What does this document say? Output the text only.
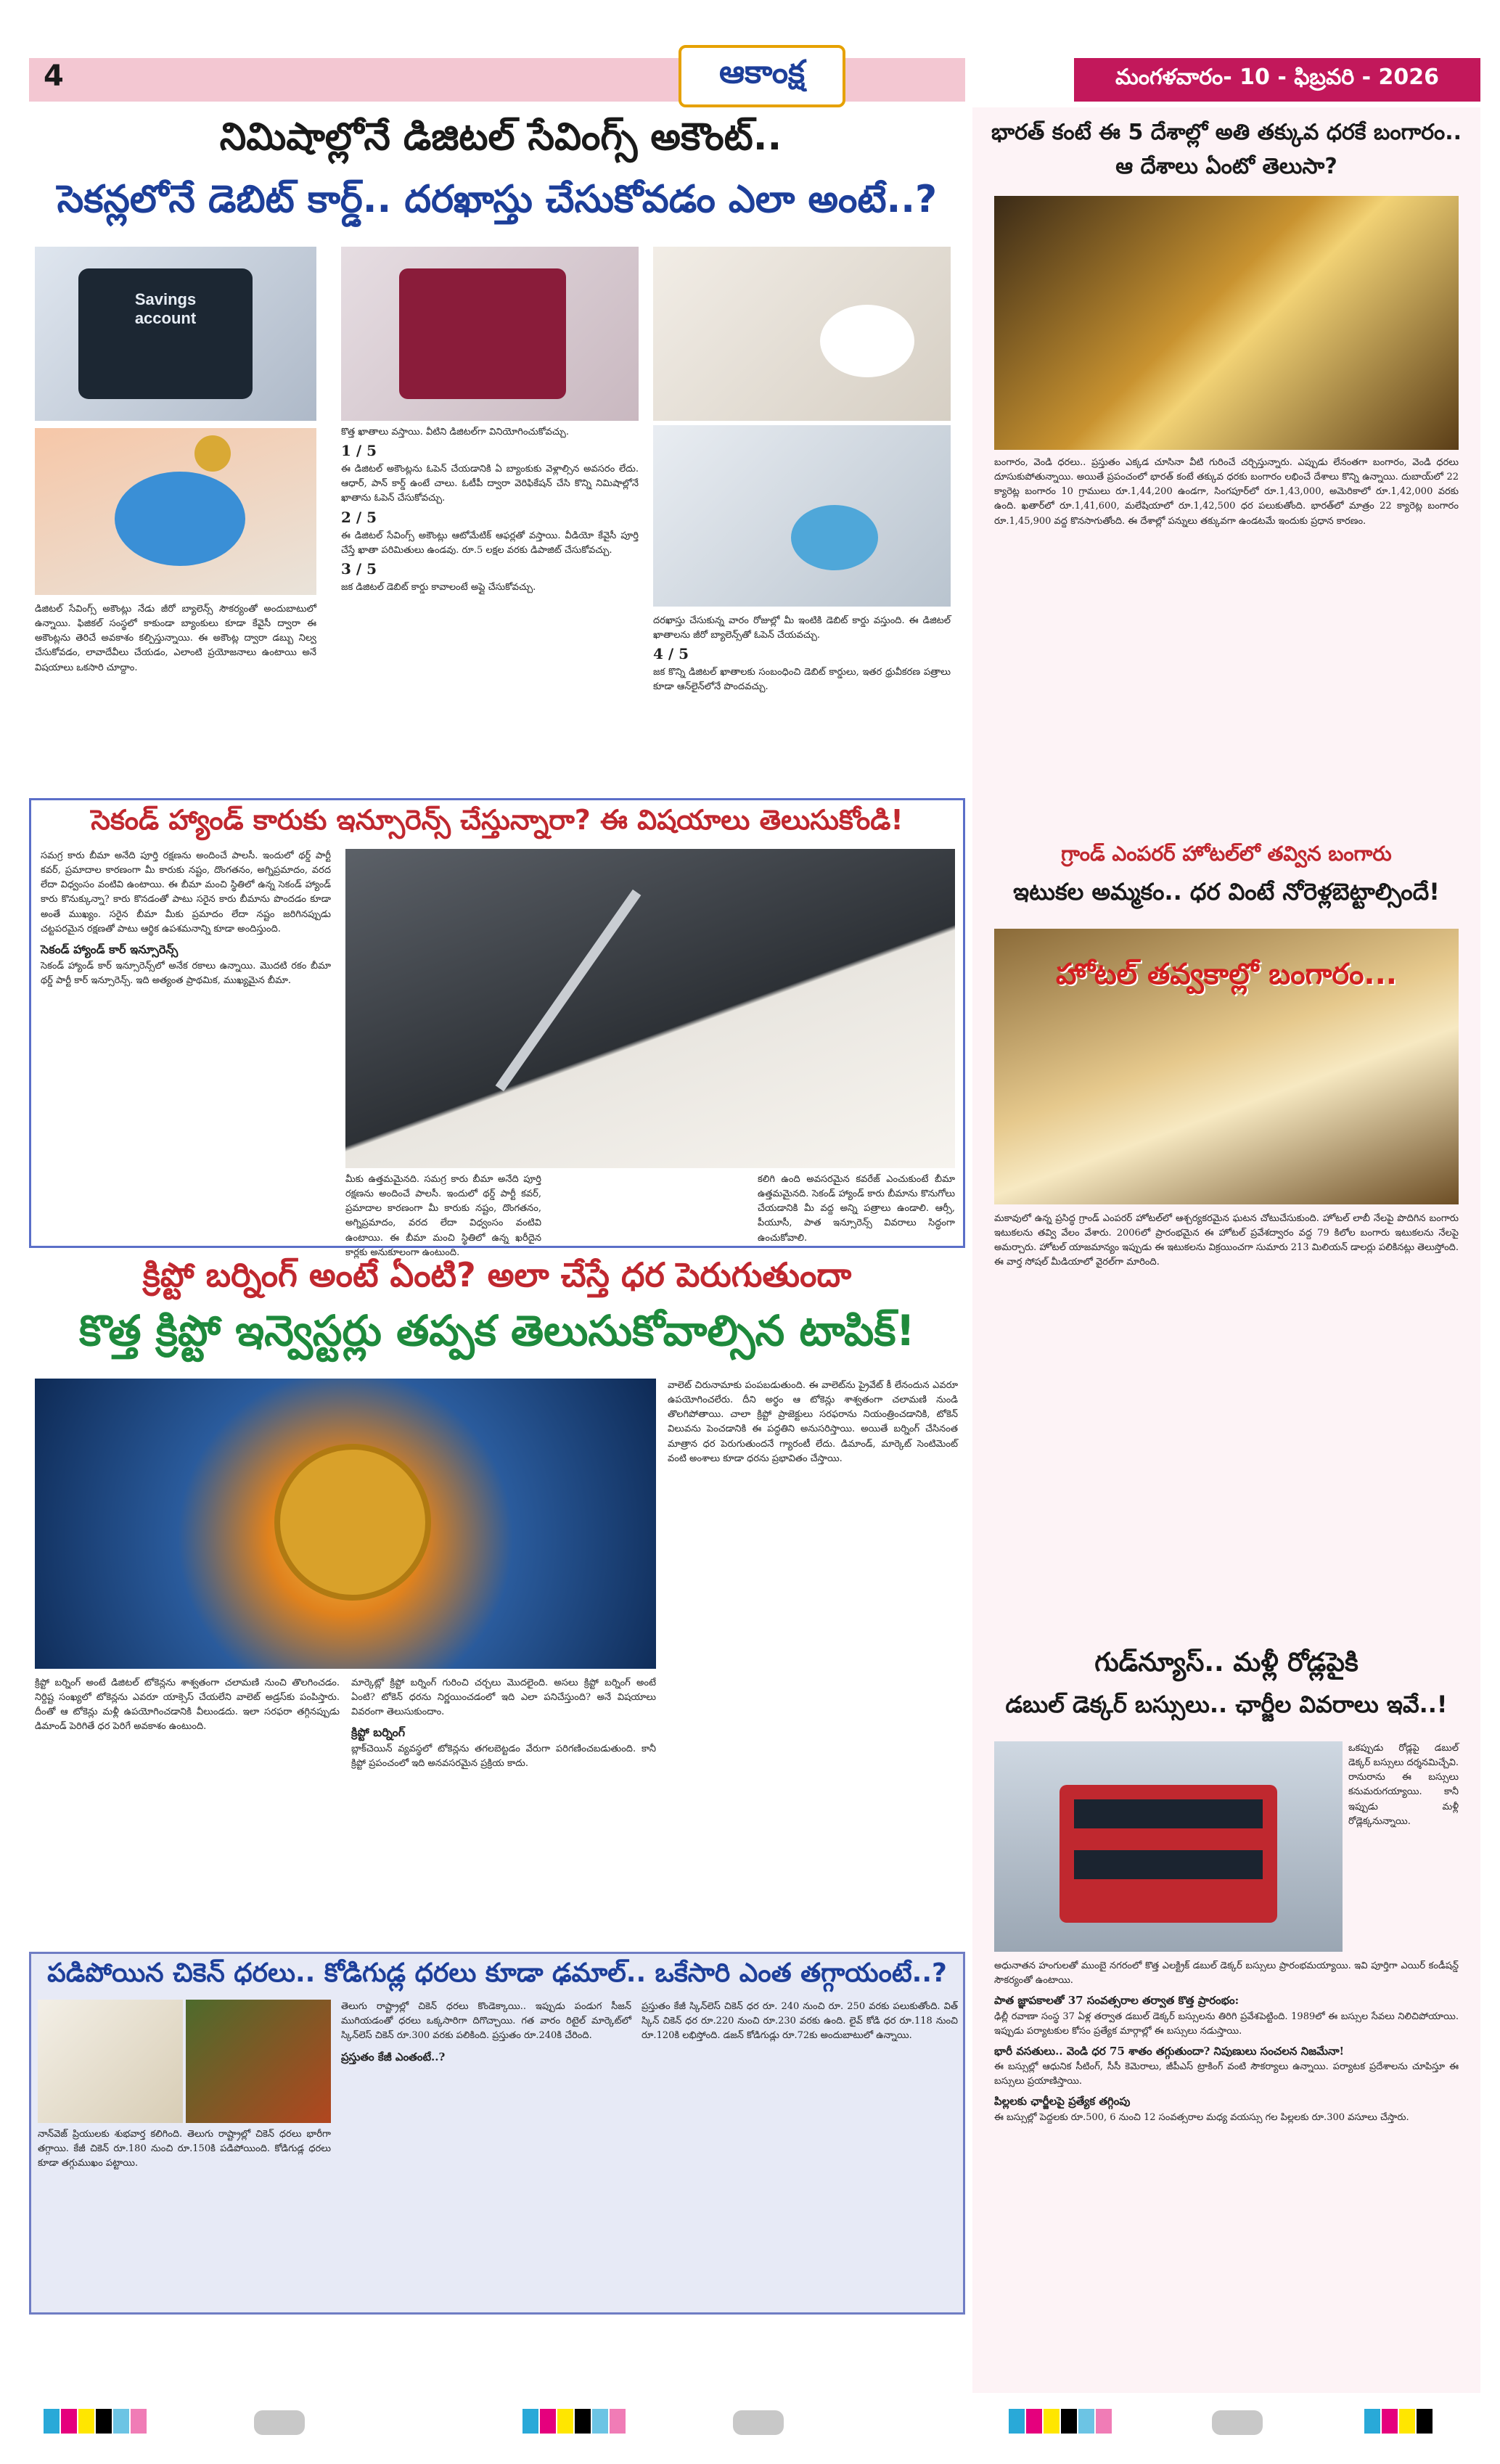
4	ఆకాంక్ష	మంగళవారం- 10 - ఫిబ్రవరి - 2026
నిమిషాల్లోనే డిజిటల్ సేవింగ్స్ అకౌంట్..
సెకన్లలోనే డెబిట్ కార్డ్.. దరఖాస్తు చేసుకోవడం ఎలా అంటే..?
Savings account
డిజిటల్ సేవింగ్స్ అకౌంట్లు నేడు జీరో బ్యాలెన్స్ సౌకర్యంతో అందుబాటులో ఉన్నాయి. ఫిజికల్ సంస్థలో కాకుండా బ్యాంకులు కూడా కేవైసీ ద్వారా ఈ అకౌంట్లను తెరిచే అవకాశం కల్పిస్తున్నాయి. ఈ అకౌంట్ల ద్వారా డబ్బు నిల్వ చేసుకోవడం, లావాదేవీలు చేయడం, ఎలాంటి ప్రయోజనాలు ఉంటాయి అనే విషయాలు ఒకసారి చూద్దాం.
కొత్త ఖాతాలు వస్తాయి. వీటిని డిజిటల్‌గా వినియోగించుకోవచ్చు.
1 / 5
ఈ డిజిటల్ అకౌంట్లను ఓపెన్ చేయడానికి ఏ బ్యాంకుకు వెళ్లాల్సిన అవసరం లేదు. ఆధార్, పాన్ కార్డ్ ఉంటే చాలు. ఓటీపీ ద్వారా వెరిఫికేషన్ చేసి కొన్ని నిమిషాల్లోనే ఖాతాను ఓపెన్ చేసుకోవచ్చు.
2 / 5
ఈ డిజిటల్ సేవింగ్స్ అకౌంట్లు ఆటోమేటిక్ ఆఫర్లతో వస్తాయి. వీడియో కేవైసీ పూర్తి చేస్తే ఖాతా పరిమితులు ఉండవు. రూ.5 లక్షల వరకు డిపాజిట్ చేసుకోవచ్చు.
3 / 5
జక డిజిటల్ డెబిట్ కార్డు కావాలంటే అప్లై చేసుకోవచ్చు.
దరఖాస్తు చేసుకున్న వారం రోజుల్లో మీ ఇంటికి డెబిట్ కార్డు వస్తుంది. ఈ డిజిటల్ ఖాతాలను జీరో బ్యాలెన్స్‌తో ఓపెన్ చేయవచ్చు.
4 / 5
జక కొన్ని డిజిటల్ ఖాతాలకు సంబంధించి డెబిట్ కార్డులు, ఇతర ధ్రువీకరణ పత్రాలు కూడా ఆన్‌లైన్‌లోనే పొందవచ్చు.
సెకండ్ హ్యాండ్ కారుకు ఇన్సూరెన్స్ చేస్తున్నారా? ఈ విషయాలు తెలుసుకోండి!
సమగ్ర కారు బీమా అనేది పూర్తి రక్షణను అందించే పాలసీ. ఇందులో థర్డ్ పార్టీ కవర్, ప్రమాదాల కారణంగా మీ కారుకు నష్టం, దొంగతనం, అగ్నిప్రమాదం, వరద లేదా విధ్వంసం వంటివి ఉంటాయి. ఈ బీమా మంచి స్థితిలో ఉన్న సెకండ్ హ్యాండ్ కారు కొనుక్కున్నా? కారు కొనడంతో పాటు సరైన కారు బీమాను పొందడం కూడా అంతే ముఖ్యం. సరైన బీమా మీకు ప్రమాదం లేదా నష్టం జరిగినప్పుడు చట్టపరమైన రక్షణతో పాటు ఆర్థిక ఉపశమనాన్ని కూడా అందిస్తుంది.
సెకండ్ హ్యాండ్ కార్ ఇన్సూరెన్స్
సెకండ్ హ్యాండ్ కార్ ఇన్సూరెన్స్‌లో అనేక రకాలు ఉన్నాయి. మొదటి రకం బీమా థర్డ్ పార్టీ కార్ ఇన్సూరెన్స్. ఇది అత్యంత ప్రాథమిక, ముఖ్యమైన బీమా.
మీకు ఉత్తమమైనది. సమగ్ర కారు బీమా అనేది పూర్తి రక్షణను అందించే పాలసీ. ఇందులో థర్డ్ పార్టీ కవర్, ప్రమాదాల కారణంగా మీ కారుకు నష్టం, దొంగతనం, అగ్నిప్రమాదం, వరద లేదా విధ్వంసం వంటివి ఉంటాయి. ఈ బీమా మంచి స్థితిలో ఉన్న ఖరీదైన కార్లకు అనుకూలంగా ఉంటుంది.
కలిగి ఉంది అవసరమైన కవరేజ్ ఎంచుకుంటే బీమా ఉత్తమమైనది. సెకండ్ హ్యాండ్ కారు బీమాను కొనుగోలు చేయడానికి మీ వద్ద అన్ని పత్రాలు ఉండాలి. ఆర్సీ, పీయూసీ, పాత ఇన్సూరెన్స్ వివరాలు సిద్ధంగా ఉంచుకోవాలి.
క్రిప్టో బర్నింగ్ అంటే ఏంటి? అలా చేస్తే ధర పెరుగుతుందా
కొత్త క్రిప్టో ఇన్వెస్టర్లు తప్పక తెలుసుకోవాల్సిన టాపిక్!
క్రిప్టో బర్నింగ్ అంటే డిజిటల్ టోకెన్లను శాశ్వతంగా చలామణి నుంచి తొలగించడం. నిర్దిష్ట సంఖ్యలో టోకెన్లను ఎవరూ యాక్సెస్ చేయలేని వాలెట్ అడ్రస్‌కు పంపిస్తారు. దీంతో ఆ టోకెన్లు మళ్లీ ఉపయోగించడానికి వీలుండదు. ఇలా సరఫరా తగ్గినప్పుడు డిమాండ్ పెరిగితే ధర పెరిగే అవకాశం ఉంటుంది.
మార్కెట్లో క్రిప్టో బర్నింగ్ గురించి చర్చలు మొదలైంది. అసలు క్రిప్టో బర్నింగ్ అంటే ఏంటి? టోకెన్ ధరను నిర్ణయించడంలో ఇది ఎలా పనిచేస్తుంది? అనే విషయాలు వివరంగా తెలుసుకుందాం.
క్రిప్టో బర్నింగ్
బ్లాక్‌చెయిన్ వ్యవస్థలో టోకెన్లను తగలబెట్టడం వేరుగా పరిగణించబడుతుంది. కానీ క్రిప్టో ప్రపంచంలో ఇది అనవసరమైన ప్రక్రియ కాదు.
వాలెట్ చిరునామాకు పంపబడుతుంది. ఈ వాలెట్‌ను ప్రైవేట్ కీ లేనందున ఎవరూ ఉపయోగించలేరు. దీని అర్థం ఆ టోకెన్లు శాశ్వతంగా చలామణి నుండి తొలగిపోతాయి. చాలా క్రిప్టో ప్రాజెక్టులు సరఫరాను నియంత్రించడానికి, టోకెన్ విలువను పెంచడానికి ఈ పద్ధతిని అనుసరిస్తాయి. అయితే బర్నింగ్ చేసినంత మాత్రాన ధర పెరుగుతుందనే గ్యారంటీ లేదు. డిమాండ్, మార్కెట్ సెంటిమెంట్ వంటి అంశాలు కూడా ధరను ప్రభావితం చేస్తాయి.
పడిపోయిన చికెన్ ధరలు.. కోడిగుడ్ల ధరలు కూడా ఢమాల్.. ఒకేసారి ఎంత తగ్గాయంటే..?
నాన్‌వెజ్ ప్రియులకు శుభవార్త కలిగింది. తెలుగు రాష్ట్రాల్లో చికెన్ ధరలు భారీగా తగ్గాయి. కేజీ చికెన్ రూ.180 నుంచి రూ.150కి పడిపోయింది. కోడిగుడ్ల ధరలు కూడా తగ్గుముఖం పట్టాయి.
తెలుగు రాష్ట్రాల్లో చికెన్ ధరలు కొండెక్కాయి.. ఇప్పుడు పండుగ సీజన్ ముగియడంతో ధరలు ఒక్కసారిగా దిగొచ్చాయి. గత వారం రిటైల్ మార్కెట్‌లో స్కిన్‌లెస్ చికెన్ రూ.300 వరకు పలికింది. ప్రస్తుతం రూ.240కి చేరింది.
ప్రస్తుతం కేజీ ఎంతంటే..?
ప్రస్తుతం కేజీ స్కిన్‌లెస్ చికెన్ ధర రూ. 240 నుంచి రూ. 250 వరకు పలుకుతోంది. విత్ స్కిన్ చికెన్ ధర రూ.220 నుంచి రూ.230 వరకు ఉంది. లైవ్ కోడి ధర రూ.118 నుంచి రూ.120కి లభిస్తోంది. డజన్ కోడిగుడ్లు రూ.72కు అందుబాటులో ఉన్నాయి.
భారత్ కంటే ఈ 5 దేశాల్లో అతి తక్కువ ధరకే బంగారం.. ఆ దేశాలు ఏంటో తెలుసా?
బంగారం, వెండి ధరలు.. ప్రస్తుతం ఎక్కడ చూసినా వీటి గురించే చర్చిస్తున్నారు. ఎప్పుడు లేనంతగా బంగారం, వెండి ధరలు దూసుకుపోతున్నాయి. అయితే ప్రపంచంలో భారత్ కంటే తక్కువ ధరకు బంగారం లభించే దేశాలు కొన్ని ఉన్నాయి. దుబాయ్‌లో 22 క్యారెట్ల బంగారం 10 గ్రాములు రూ.1,44,200 ఉండగా, సింగపూర్‌లో రూ.1,43,000, అమెరికాలో రూ.1,42,000 వరకు ఉంది. ఖతార్‌లో రూ.1,41,600, మలేషియాలో రూ.1,42,500 ధర పలుకుతోంది. భారత్‌లో మాత్రం 22 క్యారెట్ల బంగారం రూ.1,45,900 వద్ద కొనసాగుతోంది. ఈ దేశాల్లో పన్నులు తక్కువగా ఉండటమే ఇందుకు ప్రధాన కారణం.
గ్రాండ్ ఎంపరర్ హోటల్‌లో తవ్విన బంగారు
ఇటుకల అమ్మకం.. ధర వింటే నోరెళ్లబెట్టాల్సిందే!
హోటల్ తవ్వకాల్లో బంగారం...
మకావులో ఉన్న ప్రసిద్ధ గ్రాండ్ ఎంపరర్ హోటల్‌లో ఆశ్చర్యకరమైన ఘటన చోటుచేసుకుంది. హోటల్ లాబీ నేలపై పొదిగిన బంగారు ఇటుకలను తవ్వి వేలం వేశారు. 2006లో ప్రారంభమైన ఈ హోటల్ ప్రవేశద్వారం వద్ద 79 కిలోల బంగారు ఇటుకలను నేలపై అమర్చారు. హోటల్ యాజమాన్యం ఇప్పుడు ఈ ఇటుకలను విక్రయించగా సుమారు 213 మిలియన్ డాలర్లు పలికినట్లు తెలుస్తోంది. ఈ వార్త సోషల్ మీడియాలో వైరల్‌గా మారింది.
గుడ్‌న్యూస్.. మళ్లీ రోడ్లపైకి
డబుల్ డెక్కర్ బస్సులు.. ఛార్జీల వివరాలు ఇవే..!
ఒకప్పుడు రోడ్లపై డబుల్ డెక్కర్ బస్సులు దర్శనమిచ్చేవి. రానురాను ఈ బస్సులు కనుమరుగయ్యాయి. కానీ ఇప్పుడు మళ్లీ రోడ్లెక్కనున్నాయి.
అధునాతన హంగులతో ముంబై నగరంలో కొత్త ఎలక్ట్రిక్ డబుల్ డెక్కర్ బస్సులు ప్రారంభమయ్యాయి. ఇవి పూర్తిగా ఎయిర్ కండీషన్డ్ సౌకర్యంతో ఉంటాయి.
పాత జ్ఞాపకాలతో 37 సంవత్సరాల తర్వాత కొత్త ప్రారంభం:
ఢిల్లీ రవాణా సంస్థ 37 ఏళ్ల తర్వాత డబుల్ డెక్కర్ బస్సులను తిరిగి ప్రవేశపెట్టింది. 1989లో ఈ బస్సుల సేవలు నిలిచిపోయాయి. ఇప్పుడు పర్యాటకుల కోసం ప్రత్యేక మార్గాల్లో ఈ బస్సులు నడుస్తాయి.
భారీ వసతులు.. వెండి ధర 75 శాతం తగ్గుతుందా? నిపుణులు సంచలన నిజమేనా!
ఈ బస్సుల్లో ఆధునిక సీటింగ్, సీసీ కెమెరాలు, జీపీఎస్ ట్రాకింగ్ వంటి సౌకర్యాలు ఉన్నాయి. పర్యాటక ప్రదేశాలను చూపిస్తూ ఈ బస్సులు ప్రయాణిస్తాయి.
పిల్లలకు ఛార్జీలపై ప్రత్యేక తగ్గింపు
ఈ బస్సుల్లో పెద్దలకు రూ.500, 6 నుంచి 12 సంవత్సరాల మధ్య వయస్సు గల పిల్లలకు రూ.300 వసూలు చేస్తారు.
